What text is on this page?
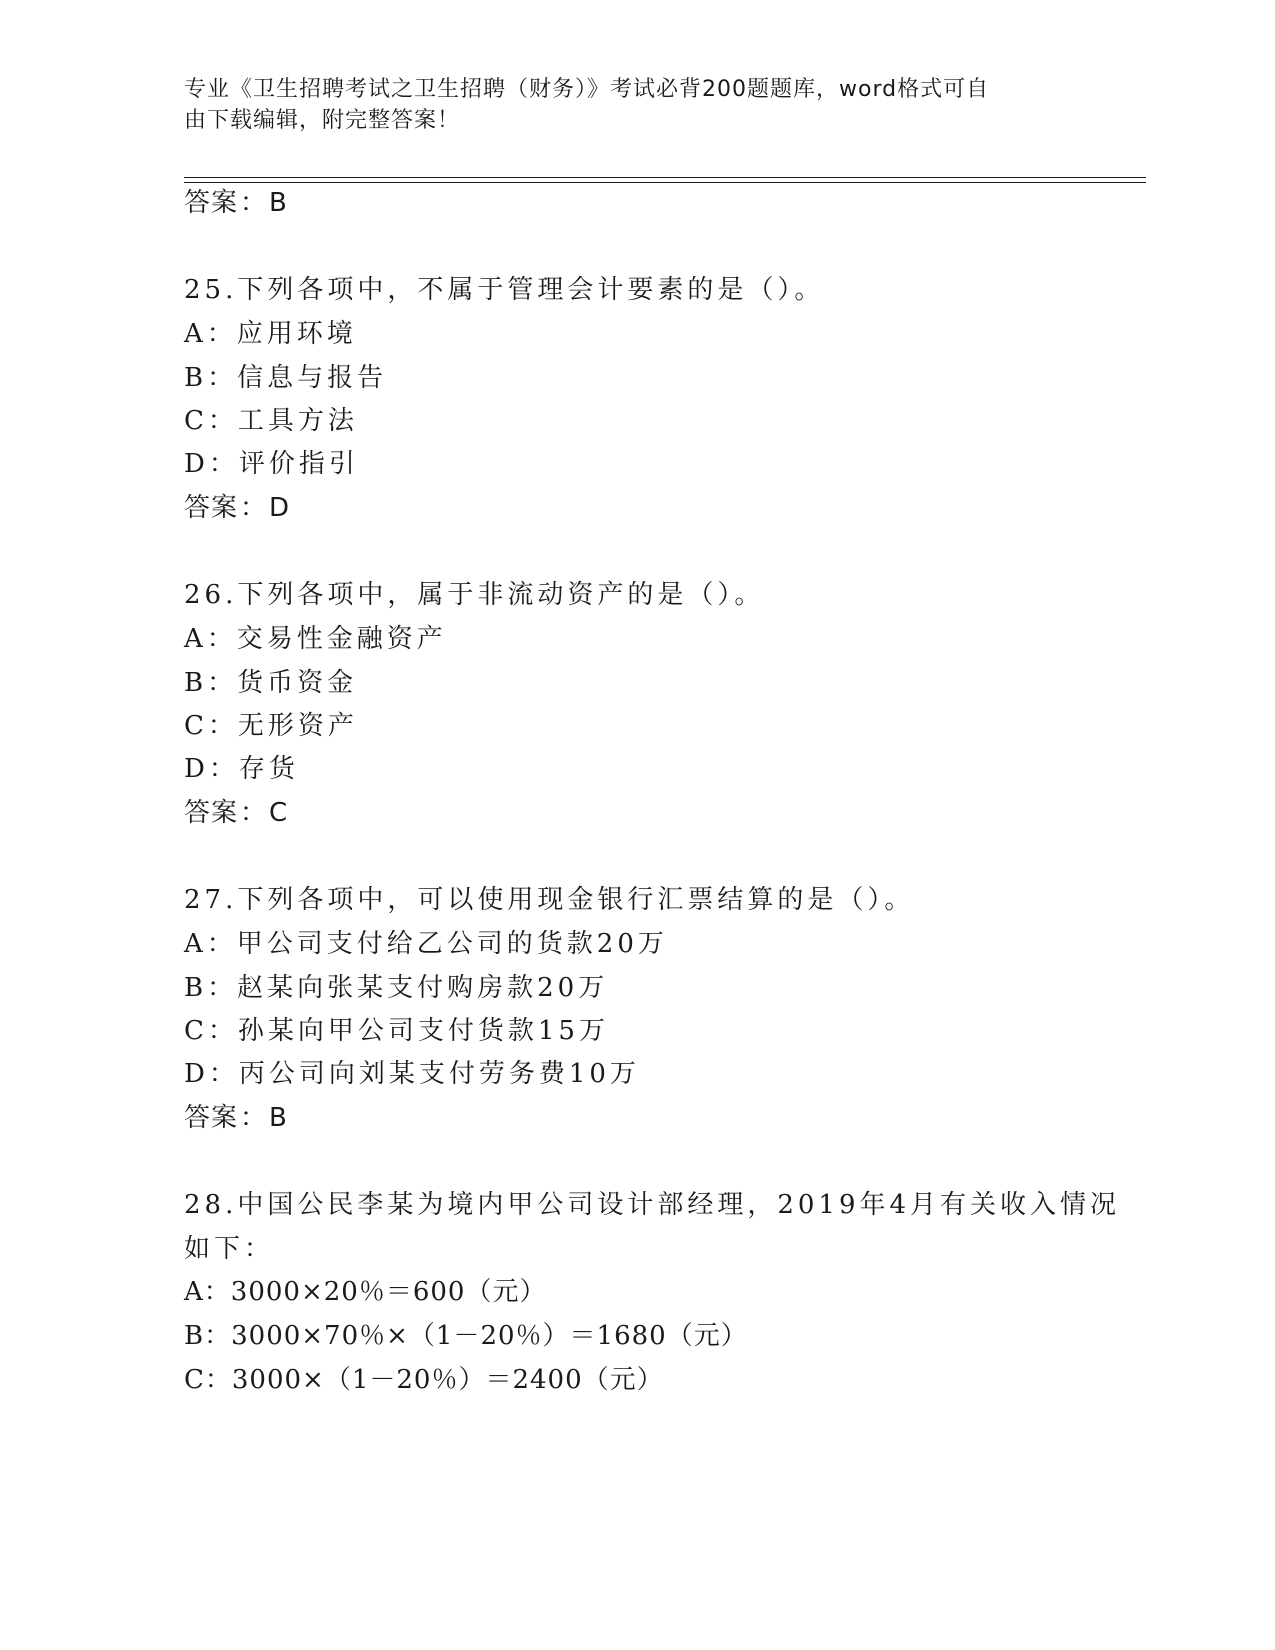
专业《卫生招聘考试之卫生招聘（财务）》考试必背200题题库，word格式可自
由下载编辑，附完整答案！
答案：B
25.下列各项中，不属于管理会计要素的是（）。
A：应用环境
B：信息与报告
C：工具方法
D：评价指引
答案：D
26.下列各项中，属于非流动资产的是（）。
A：交易性金融资产
B：货币资金
C：无形资产
D：存货
答案：C
27.下列各项中，可以使用现金银行汇票结算的是（）。
A：甲公司支付给乙公司的货款20万
B：赵某向张某支付购房款20万
C：孙某向甲公司支付货款15万
D：丙公司向刘某支付劳务费10万
答案：B
28.中国公民李某为境内甲公司设计部经理，2019年4月有关收入情况
如下：
A：3000×20％＝600（元）
B：3000×70％×（1－20％）＝1680（元）
C：3000×（1－20％）＝2400（元）
